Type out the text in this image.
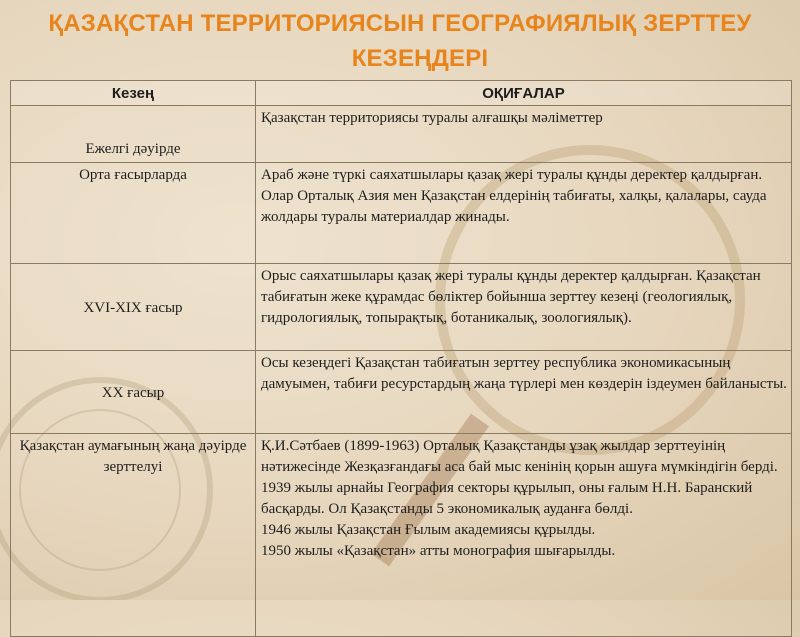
ҚАЗАҚСТАН ТЕРРИТОРИЯСЫН ГЕОГРАФИЯЛЫҚ ЗЕРТТЕУ
КЕЗЕҢДЕРІ
Кезең	ОҚИҒАЛАР
Ежелгі дәуірде	Қазақстан территориясы туралы алғашқы мәліметтер

Орта ғасырларда	Араб және түркі саяхатшылары қазақ жері туралы құнды деректер қалдырған. Олар Орталық Азия мен Қазақстан елдерінің табиғаты, халқы, қалалары, сауда жолдары туралы материалдар жинады.

XVI-XIX ғасыр	Орыс саяхатшылары қазақ жері туралы құнды деректер қалдырған. Қазақстан табиғатын жеке құрамдас бөліктер бойынша зерттеу кезеңі (геологиялық, гидрологиялық, топырақтық, ботаникалық, зоологиялық).

XX ғасыр	Осы кезеңдегі Қазақстан табиғатын зерттеу республика экономикасының дамуымен, табиғи ресурстардың жаңа түрлері мен көздерін іздеумен байланысты.

Қазақстан аумағының жаңа дәуірде зерттелуі	Қ.И.Сәтбаев (1899-1963) Орталық Қазақстанды ұзақ жылдар зерттеуінің нәтижесінде Жезқазғандағы аса бай мыс кенінің қорын ашуға мүмкіндігін берді.
1939 жылы арнайы География секторы құрылып, оны ғалым Н.Н. Баранский басқарды. Ол Қазақстанды 5 экономикалық ауданға бөлді.
1946 жылы Қазақстан Ғылым академиясы құрылды.
1950 жылы «Қазақстан» атты монография шығарылды.
